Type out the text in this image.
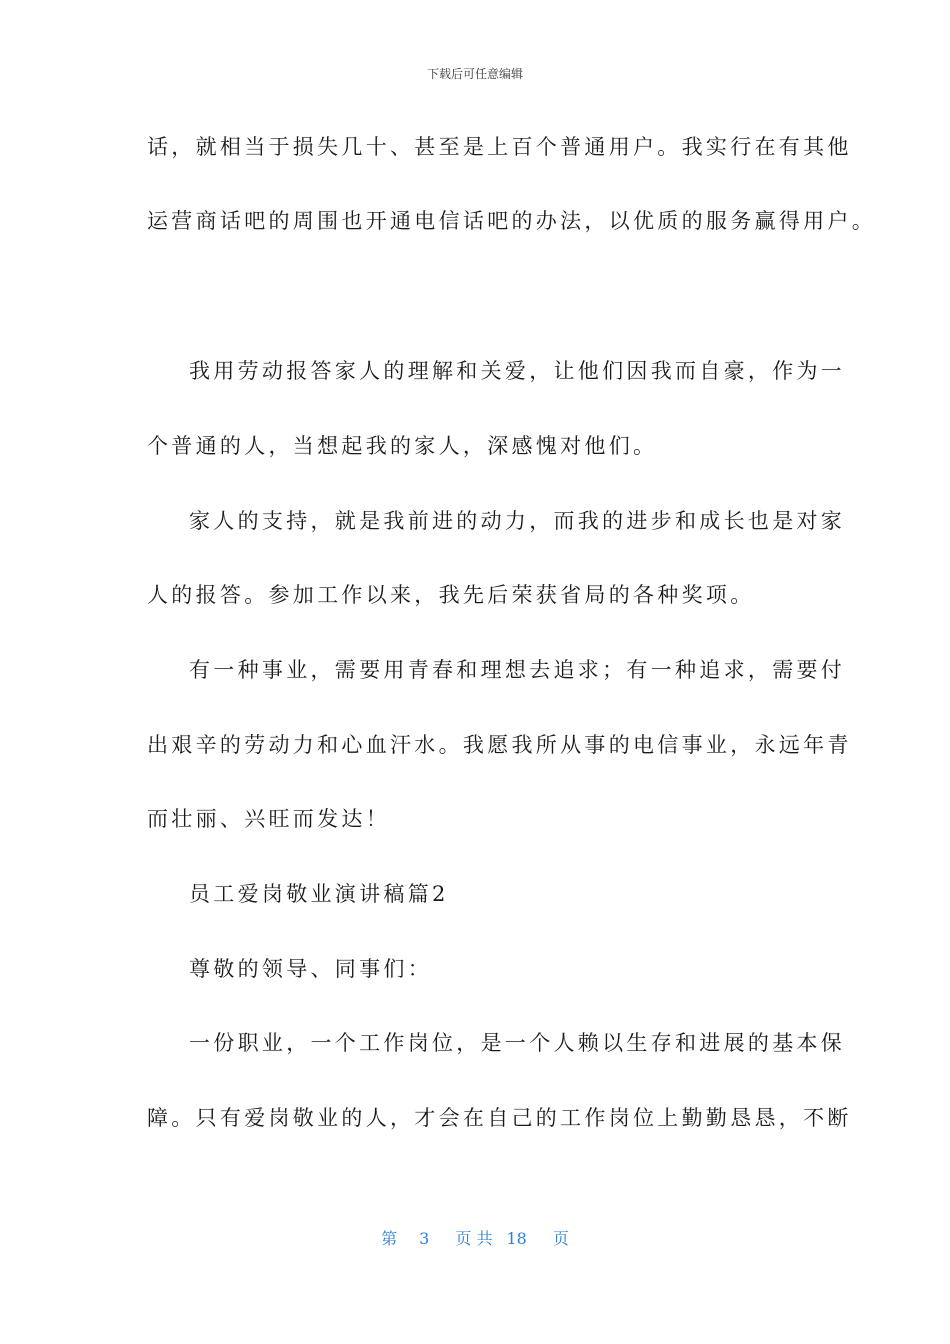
下载后可任意编辑
话，就相当于损失几十、甚至是上百个普通用户。我实行在有其他
运营商话吧的周围也开通电信话吧的办法，以优质的服务赢得用户。
我用劳动报答家人的理解和关爱，让他们因我而自豪，作为一
个普通的人，当想起我的家人，深感愧对他们。
家人的支持，就是我前进的动力，而我的进步和成长也是对家
人的报答。参加工作以来，我先后荣获省局的各种奖项。
有一种事业，需要用青春和理想去追求；有一种追求，需要付
出艰辛的劳动力和心血汗水。我愿我所从事的电信事业，永远年青
而壮丽、兴旺而发达！
员工爱岗敬业演讲稿篇2
尊敬的领导、同事们：
一份职业，一个工作岗位，是一个人赖以生存和进展的基本保
障。只有爱岗敬业的人，才会在自己的工作岗位上勤勤恳恳，不断
第 3 页 共 18 页
